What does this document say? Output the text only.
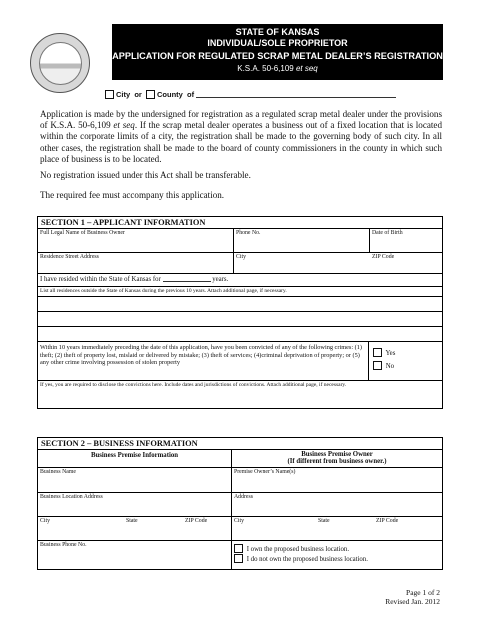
STATE OF KANSAS
INDIVIDUAL/SOLE PROPRIETOR
APPLICATION FOR REGULATED SCRAP METAL DEALER’S REGISTRATION
K.S.A. 50-6,109 et seq
City or County of
Application is made by the undersigned for registration as a regulated scrap metal dealer under the provisions of K.S.A. 50-6,109 et seq. If the scrap metal dealer operates a business out of a fixed location that is located within the corporate limits of a city, the registration shall be made to the governing body of such city. In all other cases, the registration shall be made to the board of county commissioners in the county in which such place of business is to be located.
No registration issued under this Act shall be transferable.
The required fee must accompany this application.
SECTION 1 – APPLICANT INFORMATION
Full Legal Name of Business Owner	Phone No.	Date of Birth
Residence Street Address	City	ZIP Code
I have resided within the State of Kansas for	years.
List all residences outside the State of Kansas during the previous 10 years. Attach additional page, if necessary.
Within 10 years immediately preceding the date of this application, have you been convicted of any of the following crimes: (1) theft; (2) theft of property lost, mislaid or delivered by mistake; (3) theft of services; (4)criminal deprivation of property; or (5) any other crime involving possession of stolen property
Yes
No
If yes, you are required to disclose the convictions here. Include dates and jurisdictions of convictions. Attach additional page, if necessary.
SECTION 2 – BUSINESS INFORMATION
Business Premise Information	Business Premise Owner
(If different from business owner.)
Business Name	Premise Owner’s Name(s)
Business Location Address	Address
City	State	ZIP Code	City	State	ZIP Code
Business Phone No.
I own the proposed business location.
I do not own the proposed business location.
Page 1 of 2
Revised Jan. 2012
